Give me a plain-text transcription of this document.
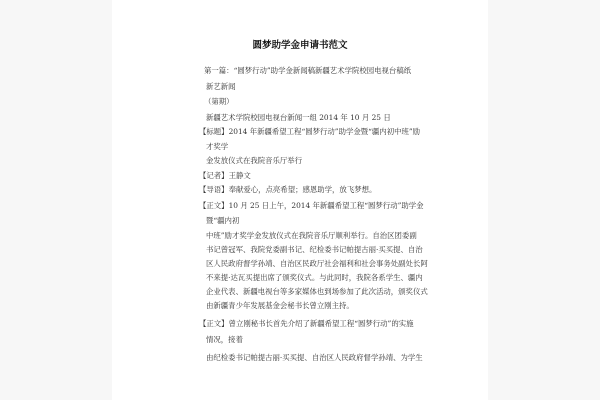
圆梦助学金申请书范文
第一篇：“圆梦行动”助学金新闻稿新疆艺术学院校园电视台稿纸
新艺新闻
（第期）
新疆艺术学院校园电视台新闻一组 2014 年 10 月 25 日
【标题】2014 年新疆希望工程“圆梦行动”助学金暨“疆内初中班”励
才奖学
金发放仪式在我院音乐厅举行
【记者】王静文
【导语】奉献爱心，点亮希望；感恩助学，放飞梦想。
【正文】10 月 25 日上午，2014 年新疆希望工程“圆梦行动”助学金
暨“疆内初
中班”励才奖学金发放仪式在我院音乐厅顺利举行。自治区团委副
书记曾冠军、我院党委副书记、纪检委书记帕提古丽·买买提、自治
区人民政府督学孙靖、自治区民政厅社会福利和社会事务处副处长阿
不来提·达瓦买提出席了颁奖仪式。与此同时，我院各系学生、疆内
企业代表、新疆电视台等多家媒体也到场参加了此次活动，颁奖仪式
由新疆青少年发展基金会秘书长曾立刚主持。
【正文】曾立刚秘书长首先介绍了新疆希望工程“圆梦行动”的实施
情况，接着
由纪检委书记帕提古丽·买买提、自治区人民政府督学孙靖、为学生
